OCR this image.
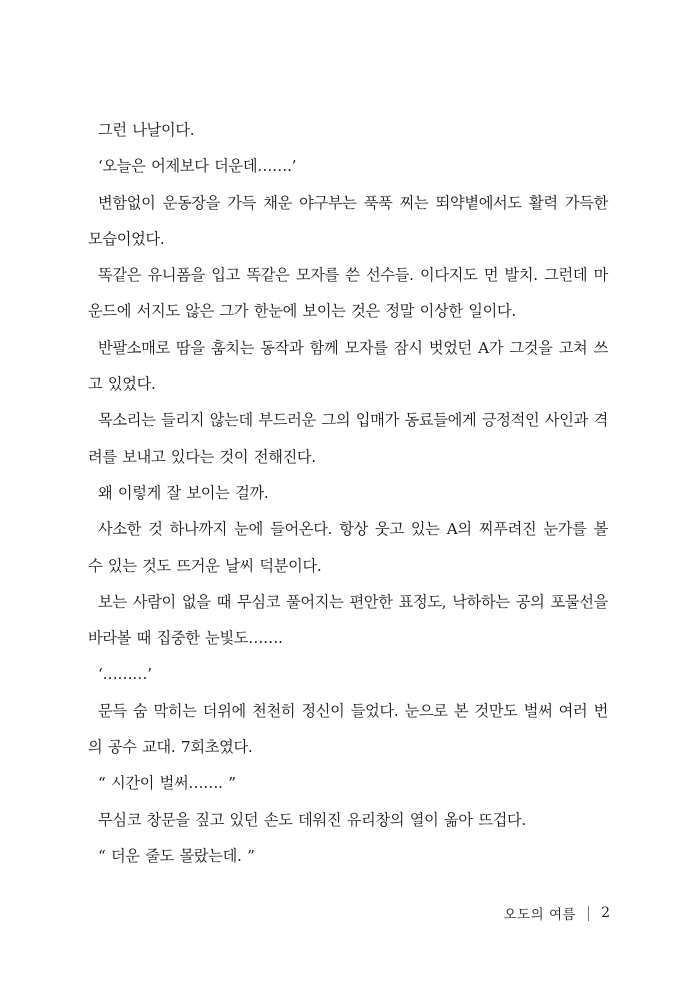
그런 나날이다.

‘오늘은 어제보다 더운데…….’

변함없이 운동장을 가득 채운 야구부는 푹푹 찌는 뙤약볕에서도 활력 가득한 모습이었다.

똑같은 유니폼을 입고 똑같은 모자를 쓴 선수들. 이다지도 먼 발치. 그런데 마운드에 서지도 않은 그가 한눈에 보이는 것은 정말 이상한 일이다.

반팔소매로 땀을 훔치는 동작과 함께 모자를 잠시 벗었던 A가 그것을 고쳐 쓰고 있었다.

목소리는 들리지 않는데 부드러운 그의 입매가 동료들에게 긍정적인 사인과 격려를 보내고 있다는 것이 전해진다.

왜 이렇게 잘 보이는 걸까.

사소한 것 하나까지 눈에 들어온다. 항상 웃고 있는 A의 찌푸려진 눈가를 볼 수 있는 것도 뜨거운 날씨 덕분이다.

보는 사람이 없을 때 무심코 풀어지는 편안한 표정도, 낙하하는 공의 포물선을 바라볼 때 집중한 눈빛도…….

‘………’

문득 숨 막히는 더위에 천천히 정신이 들었다. 눈으로 본 것만도 벌써 여러 번의 공수 교대. 7회초였다.

“ 시간이 벌써……. ”

무심코 창문을 짚고 있던 손도 데워진 유리창의 열이 옮아 뜨겁다.

“ 더운 줄도 몰랐는데. ”

오도의 여름 2
